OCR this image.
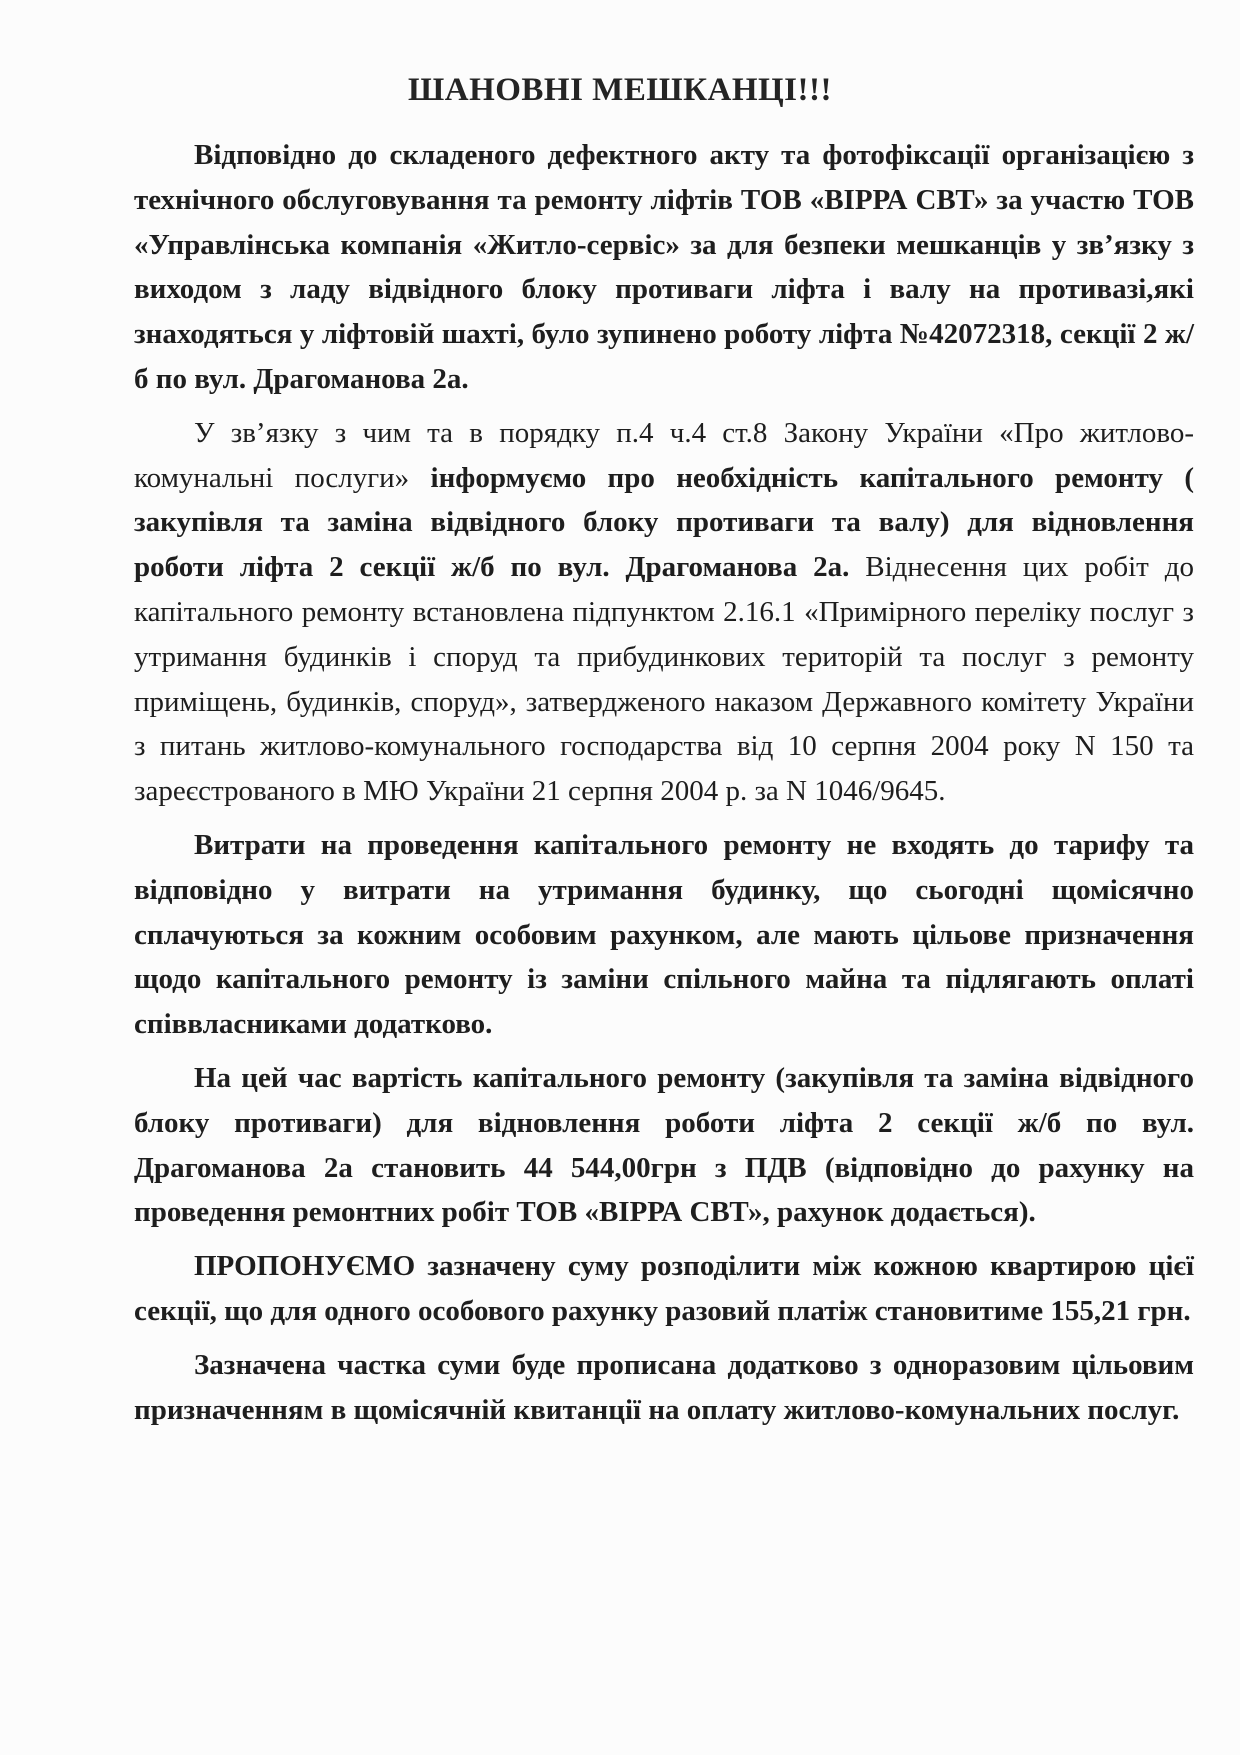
ШАНОВНІ МЕШКАНЦІ!!!

Відповідно до складеного дефектного акту та фотофіксації організацією з технічного обслуговування та ремонту ліфтів ТОВ «ВІРРА СВТ» за участю ТОВ «Управлінська компанія «Житло-сервіс» за для безпеки мешканців у зв’язку з виходом з ладу відвідного блоку противаги ліфта і валу на противазі,які знаходяться у ліфтовій шахті, було зупинено роботу ліфта №42072318, секції 2 ж/б по вул. Драгоманова 2а.

У зв’язку з чим та в порядку п.4 ч.4 ст.8 Закону України «Про житлово-комунальні послуги» інформуємо про необхідність капітального ремонту ( закупівля та заміна відвідного блоку противаги та валу) для відновлення роботи ліфта 2 секції ж/б по вул. Драгоманова 2а. Віднесення цих робіт до капітального ремонту встановлена підпунктом 2.16.1 «Примірного переліку послуг з утримання будинків і споруд та прибудинкових територій та послуг з ремонту приміщень, будинків, споруд», затвердженого наказом Державного комітету України з питань житлово-комунального господарства від 10 серпня 2004 року N 150 та зареєстрованого в МЮ України 21 серпня 2004 р. за N 1046/9645.

Витрати на проведення капітального ремонту не входять до тарифу та відповідно у витрати на утримання будинку, що сьогодні щомісячно сплачуються за кожним особовим рахунком, але мають цільове призначення щодо капітального ремонту із заміни спільного майна та підлягають оплаті співвласниками додатково.

На цей час вартість капітального ремонту (закупівля та заміна відвідного блоку противаги) для відновлення роботи ліфта 2 секції ж/б по вул. Драгоманова 2а становить 44 544,00грн з ПДВ (відповідно до рахунку на проведення ремонтних робіт ТОВ «ВІРРА СВТ», рахунок додається).

ПРОПОНУЄМО зазначену суму розподілити між кожною квартирою цієї секції, що для одного особового рахунку разовий платіж становитиме 155,21 грн.

Зазначена частка суми буде прописана додатково з одноразовим цільовим призначенням в щомісячній квитанції на оплату житлово-комунальних послуг.
